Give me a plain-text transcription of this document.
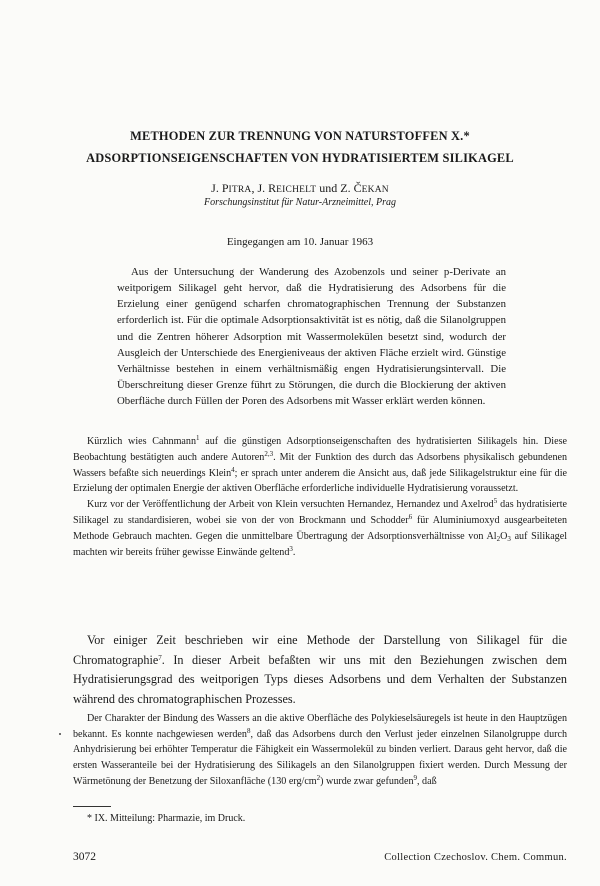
METHODEN ZUR TRENNUNG VON NATURSTOFFEN X.*
ADSORPTIONSEIGENSCHAFTEN VON HYDRATISIERTEM SILIKAGEL

J. PITRA, J. REICHELT und Z. ČEKAN

Forschungsinstitut für Natur-Arzneimittel, Prag

Eingegangen am 10. Januar 1963

Aus der Untersuchung der Wanderung des Azobenzols und seiner p-Derivate an weitporigem Silikagel geht hervor, daß die Hydratisierung des Adsorbens für die Erzielung einer genügend scharfen chromatographischen Trennung der Substanzen erforderlich ist. Für die optimale Adsorptionsaktivität ist es nötig, daß die Silanolgruppen und die Zentren höherer Adsorption mit Wassermolekülen besetzt sind, wodurch der Ausgleich der Unterschiede des Energieniveaus der aktiven Fläche erzielt wird. Günstige Verhältnisse bestehen in einem verhältnismäßig engen Hydratisierungsintervall. Die Überschreitung dieser Grenze führt zu Störungen, die durch die Blockierung der aktiven Oberfläche durch Füllen der Poren des Adsorbens mit Wasser erklärt werden können.

Kürzlich wies Cahnmann$^1$ auf die günstigen Adsorptionseigenschaften des hydratisierten Silikagels hin. Diese Beobachtung bestätigten auch andere Autoren$^{2,3}$. Mit der Funktion des durch das Adsorbens physikalisch gebundenen Wassers befaßte sich neuerdings Klein$^4$; er sprach unter anderem die Ansicht aus, daß jede Silikagelstruktur eine für die Erzielung der optimalen Energie der aktiven Oberfläche erforderliche individuelle Hydratisierung voraussetzt.

Kurz vor der Veröffentlichung der Arbeit von Klein versuchten Hernandez, Hernandez und Axelrod$^5$ das hydratisierte Silikagel zu standardisieren, wobei sie von der von Brockmann und Schodder$^6$ für Aluminiumoxyd ausgearbeiteten Methode Gebrauch machten. Gegen die unmittelbare Übertragung der Adsorptionsverhältnisse von $Al_2O_3$ auf Silikagel machten wir bereits früher gewisse Einwände geltend$^3$.

Vor einiger Zeit beschrieben wir eine Methode der Darstellung von Silikagel für die Chromatographie$^7$. In dieser Arbeit befaßten wir uns mit den Beziehungen zwischen dem Hydratisierungsgrad des weitporigen Typs dieses Adsorbens und dem Verhalten der Substanzen während des chromatographischen Prozesses.

Der Charakter der Bindung des Wassers an die aktive Oberfläche des Polykieselsäuregels ist heute in den Hauptzügen bekannt. Es konnte nachgewiesen werden$^8$, daß das Adsorbens durch den Verlust jeder einzelnen Silanolgruppe durch Anhydrisierung bei erhöhter Temperatur die Fähigkeit ein Wassermolekül zu binden verliert. Daraus geht hervor, daß die ersten Wasseranteile bei der Hydratisierung des Silikagels an den Silanolgruppen fixiert werden. Durch Messung der Wärmetönung der Benetzung der Siloxanfläche (130 erg/$cm^2$) wurde zwar gefunden$^9$, daß

* IX. Mitteilung: Pharmazie, im Druck.

3072	Collection Czechoslov. Chem. Commun.
